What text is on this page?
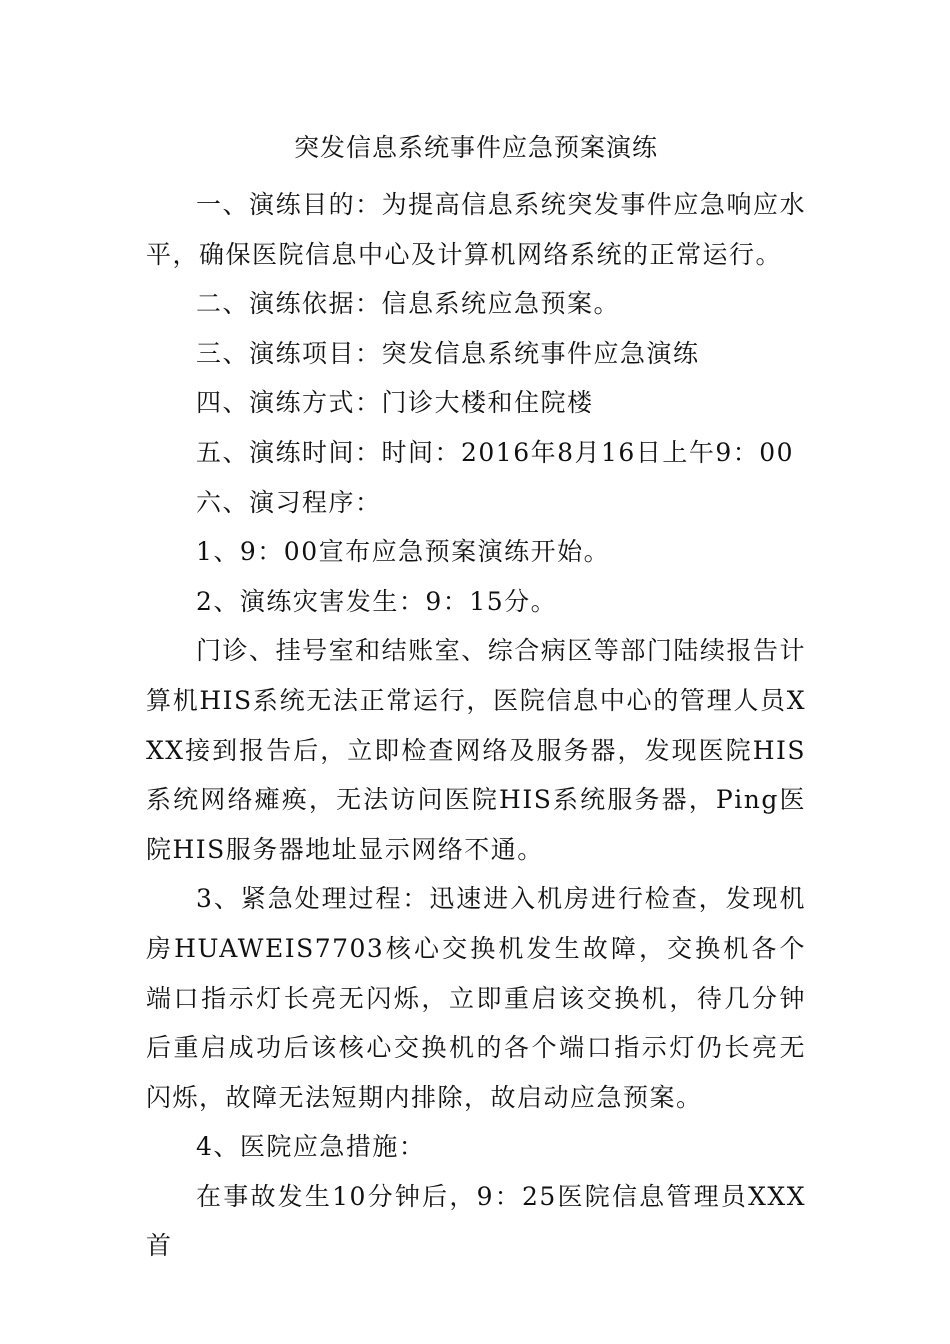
突发信息系统事件应急预案演练

一、演练目的：为提高信息系统突发事件应急响应水平，确保医院信息中心及计算机网络系统的正常运行。

二、演练依据：信息系统应急预案。

三、演练项目：突发信息系统事件应急演练

四、演练方式：门诊大楼和住院楼

五、演练时间：时间：2016年8月16日上午9：00

六、演习程序：

1、9：00宣布应急预案演练开始。

2、演练灾害发生：9：15分。

门诊、挂号室和结账室、综合病区等部门陆续报告计算机HIS系统无法正常运行，医院信息中心的管理人员XXX接到报告后，立即检查网络及服务器，发现医院HIS系统网络瘫痪，无法访问医院HIS系统服务器，Ping医院HIS服务器地址显示网络不通。

3、紧急处理过程：迅速进入机房进行检查，发现机房HUAWEIS7703核心交换机发生故障，交换机各个端口指示灯长亮无闪烁，立即重启该交换机，待几分钟后重启成功后该核心交换机的各个端口指示灯仍长亮无闪烁，故障无法短期内排除，故启动应急预案。

4、医院应急措施：

在事故发生10分钟后，9：25医院信息管理员XXX首
